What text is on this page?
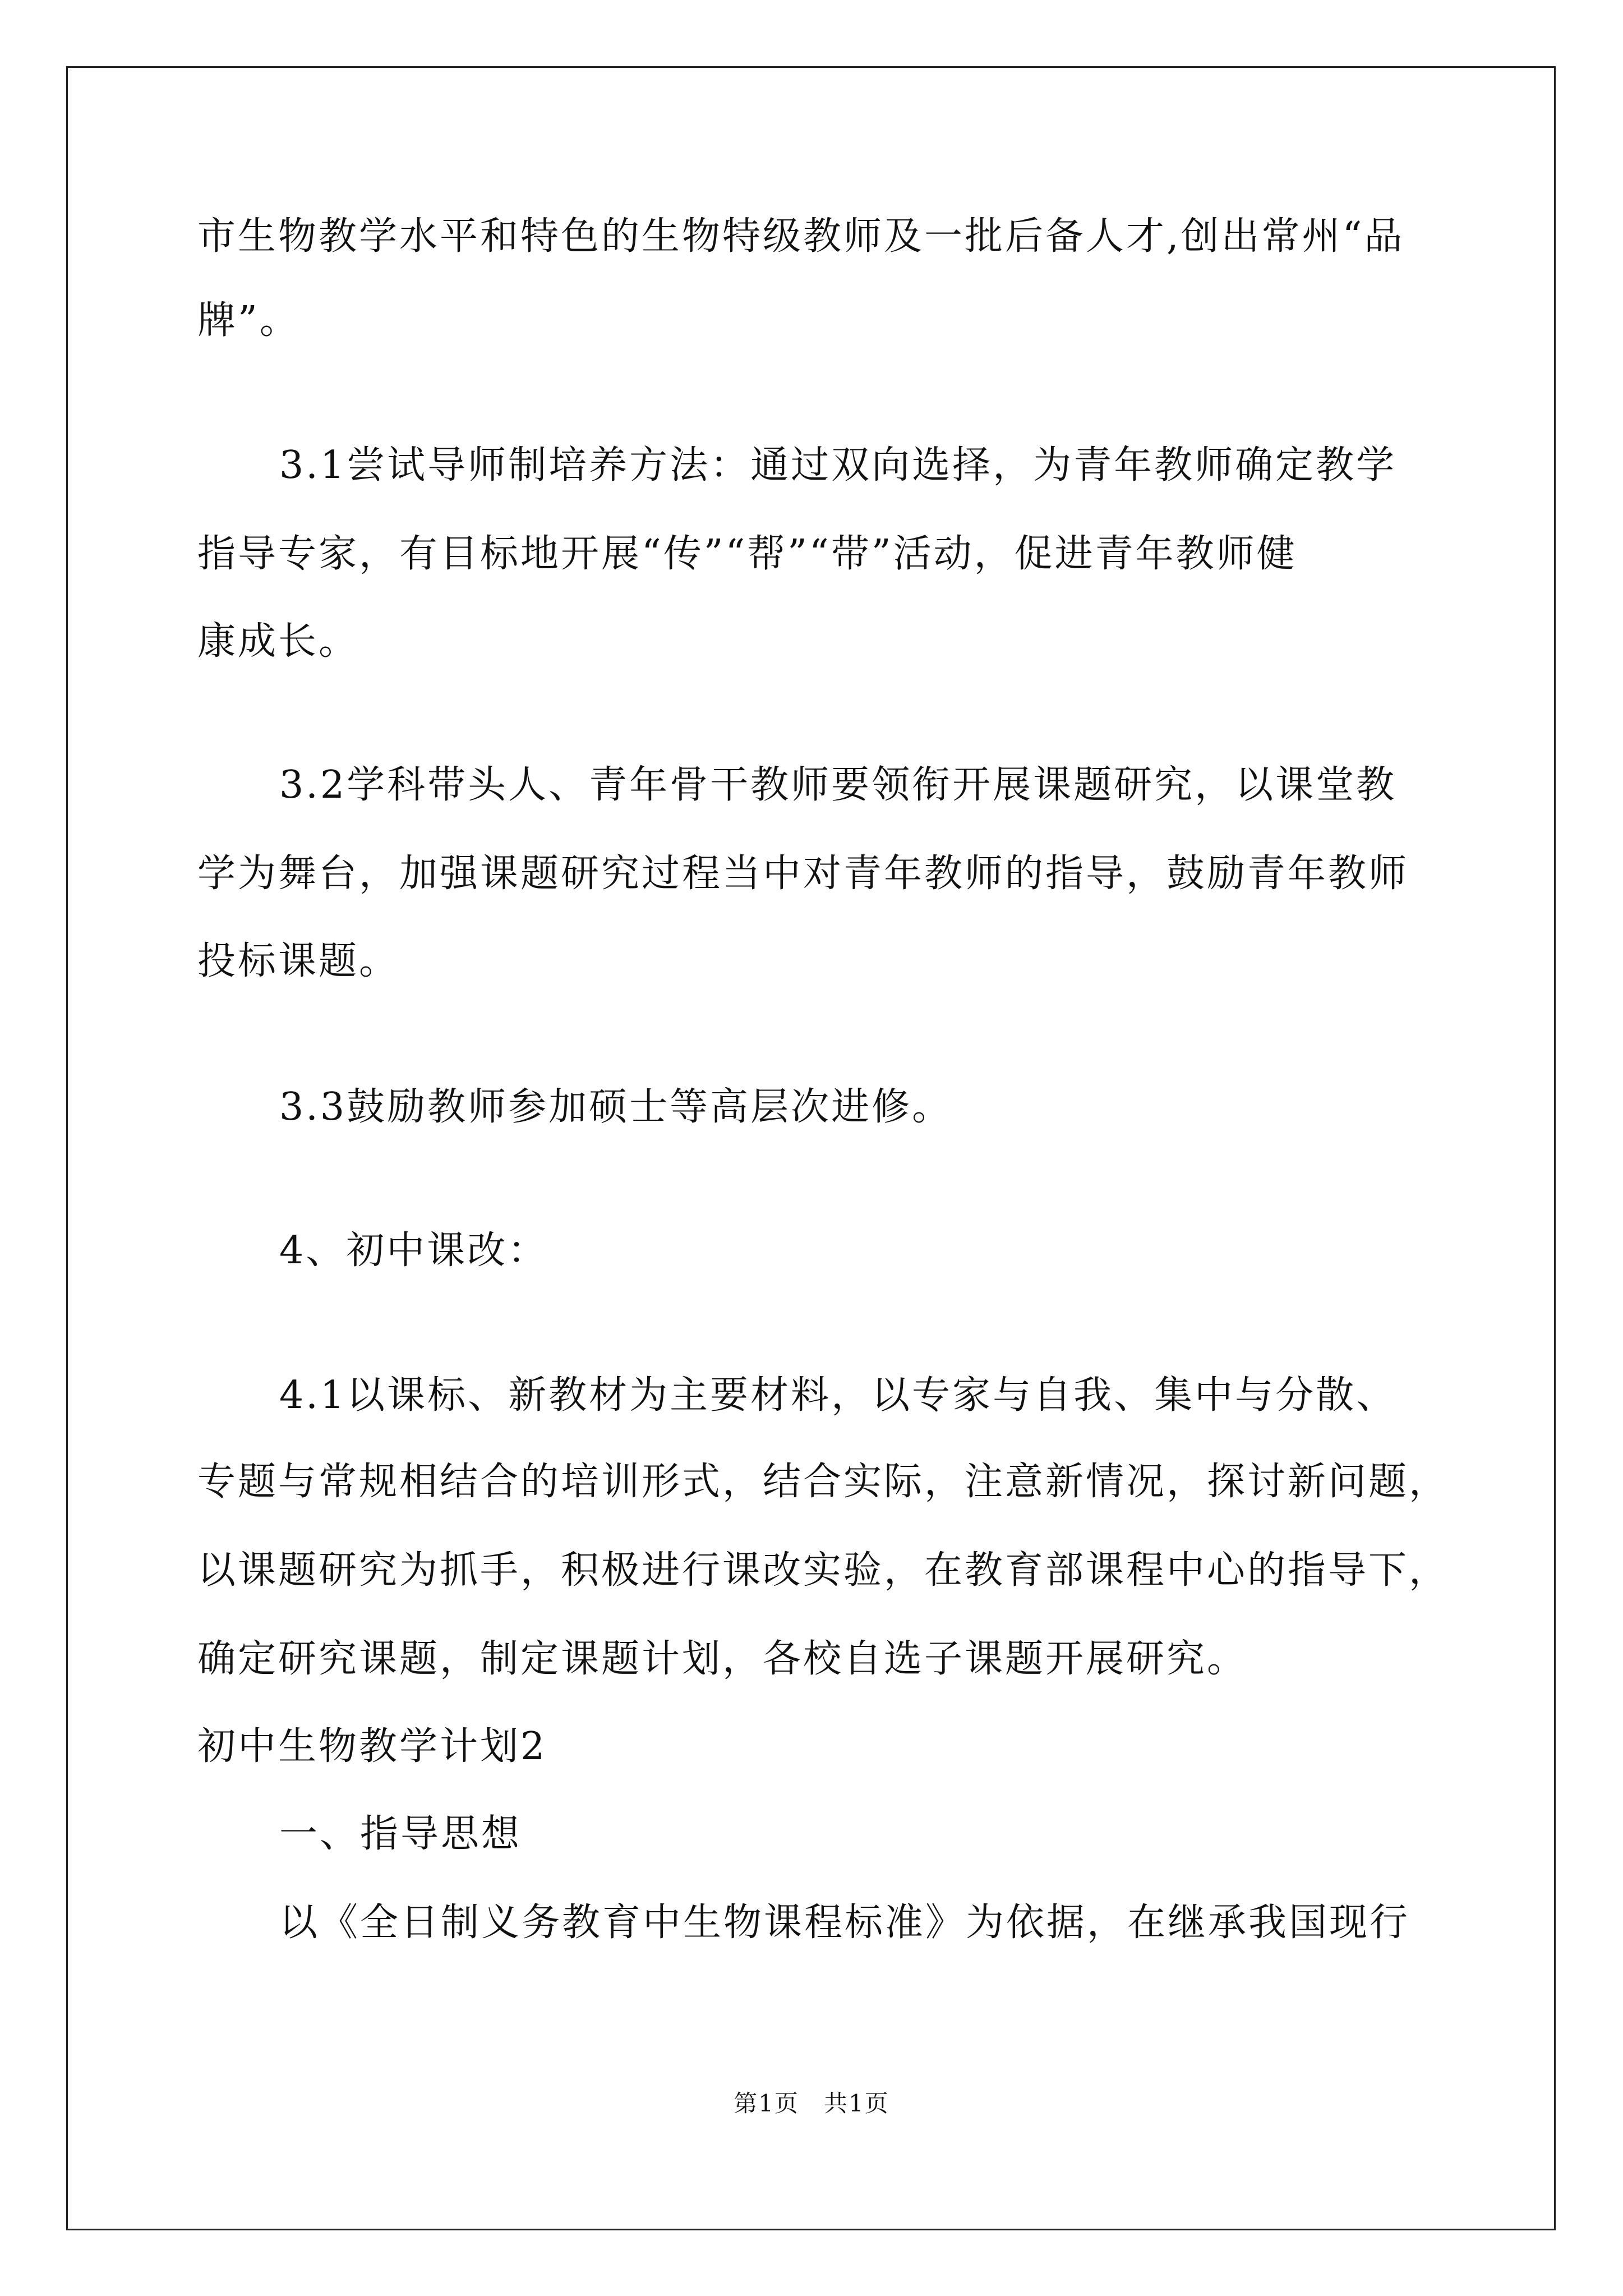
市生物教学水平和特色的生物特级教师及一批后备人才,创出常州“品
牌”。
3.1尝试导师制培养方法：通过双向选择，为青年教师确定教学
指导专家，有目标地开展“传”“帮”“带”活动，促进青年教师健
康成长。
3.2学科带头人、青年骨干教师要领衔开展课题研究，以课堂教
学为舞台，加强课题研究过程当中对青年教师的指导，鼓励青年教师
投标课题。
3.3鼓励教师参加硕士等高层次进修。
4、初中课改：
4.1以课标、新教材为主要材料，以专家与自我、集中与分散、
专题与常规相结合的培训形式，结合实际，注意新情况，探讨新问题，
以课题研究为抓手，积极进行课改实验，在教育部课程中心的指导下，
确定研究课题，制定课题计划，各校自选子课题开展研究。
初中生物教学计划2
一、指导思想
以《全日制义务教育中生物课程标准》为依据，在继承我国现行
第1页　共1页
